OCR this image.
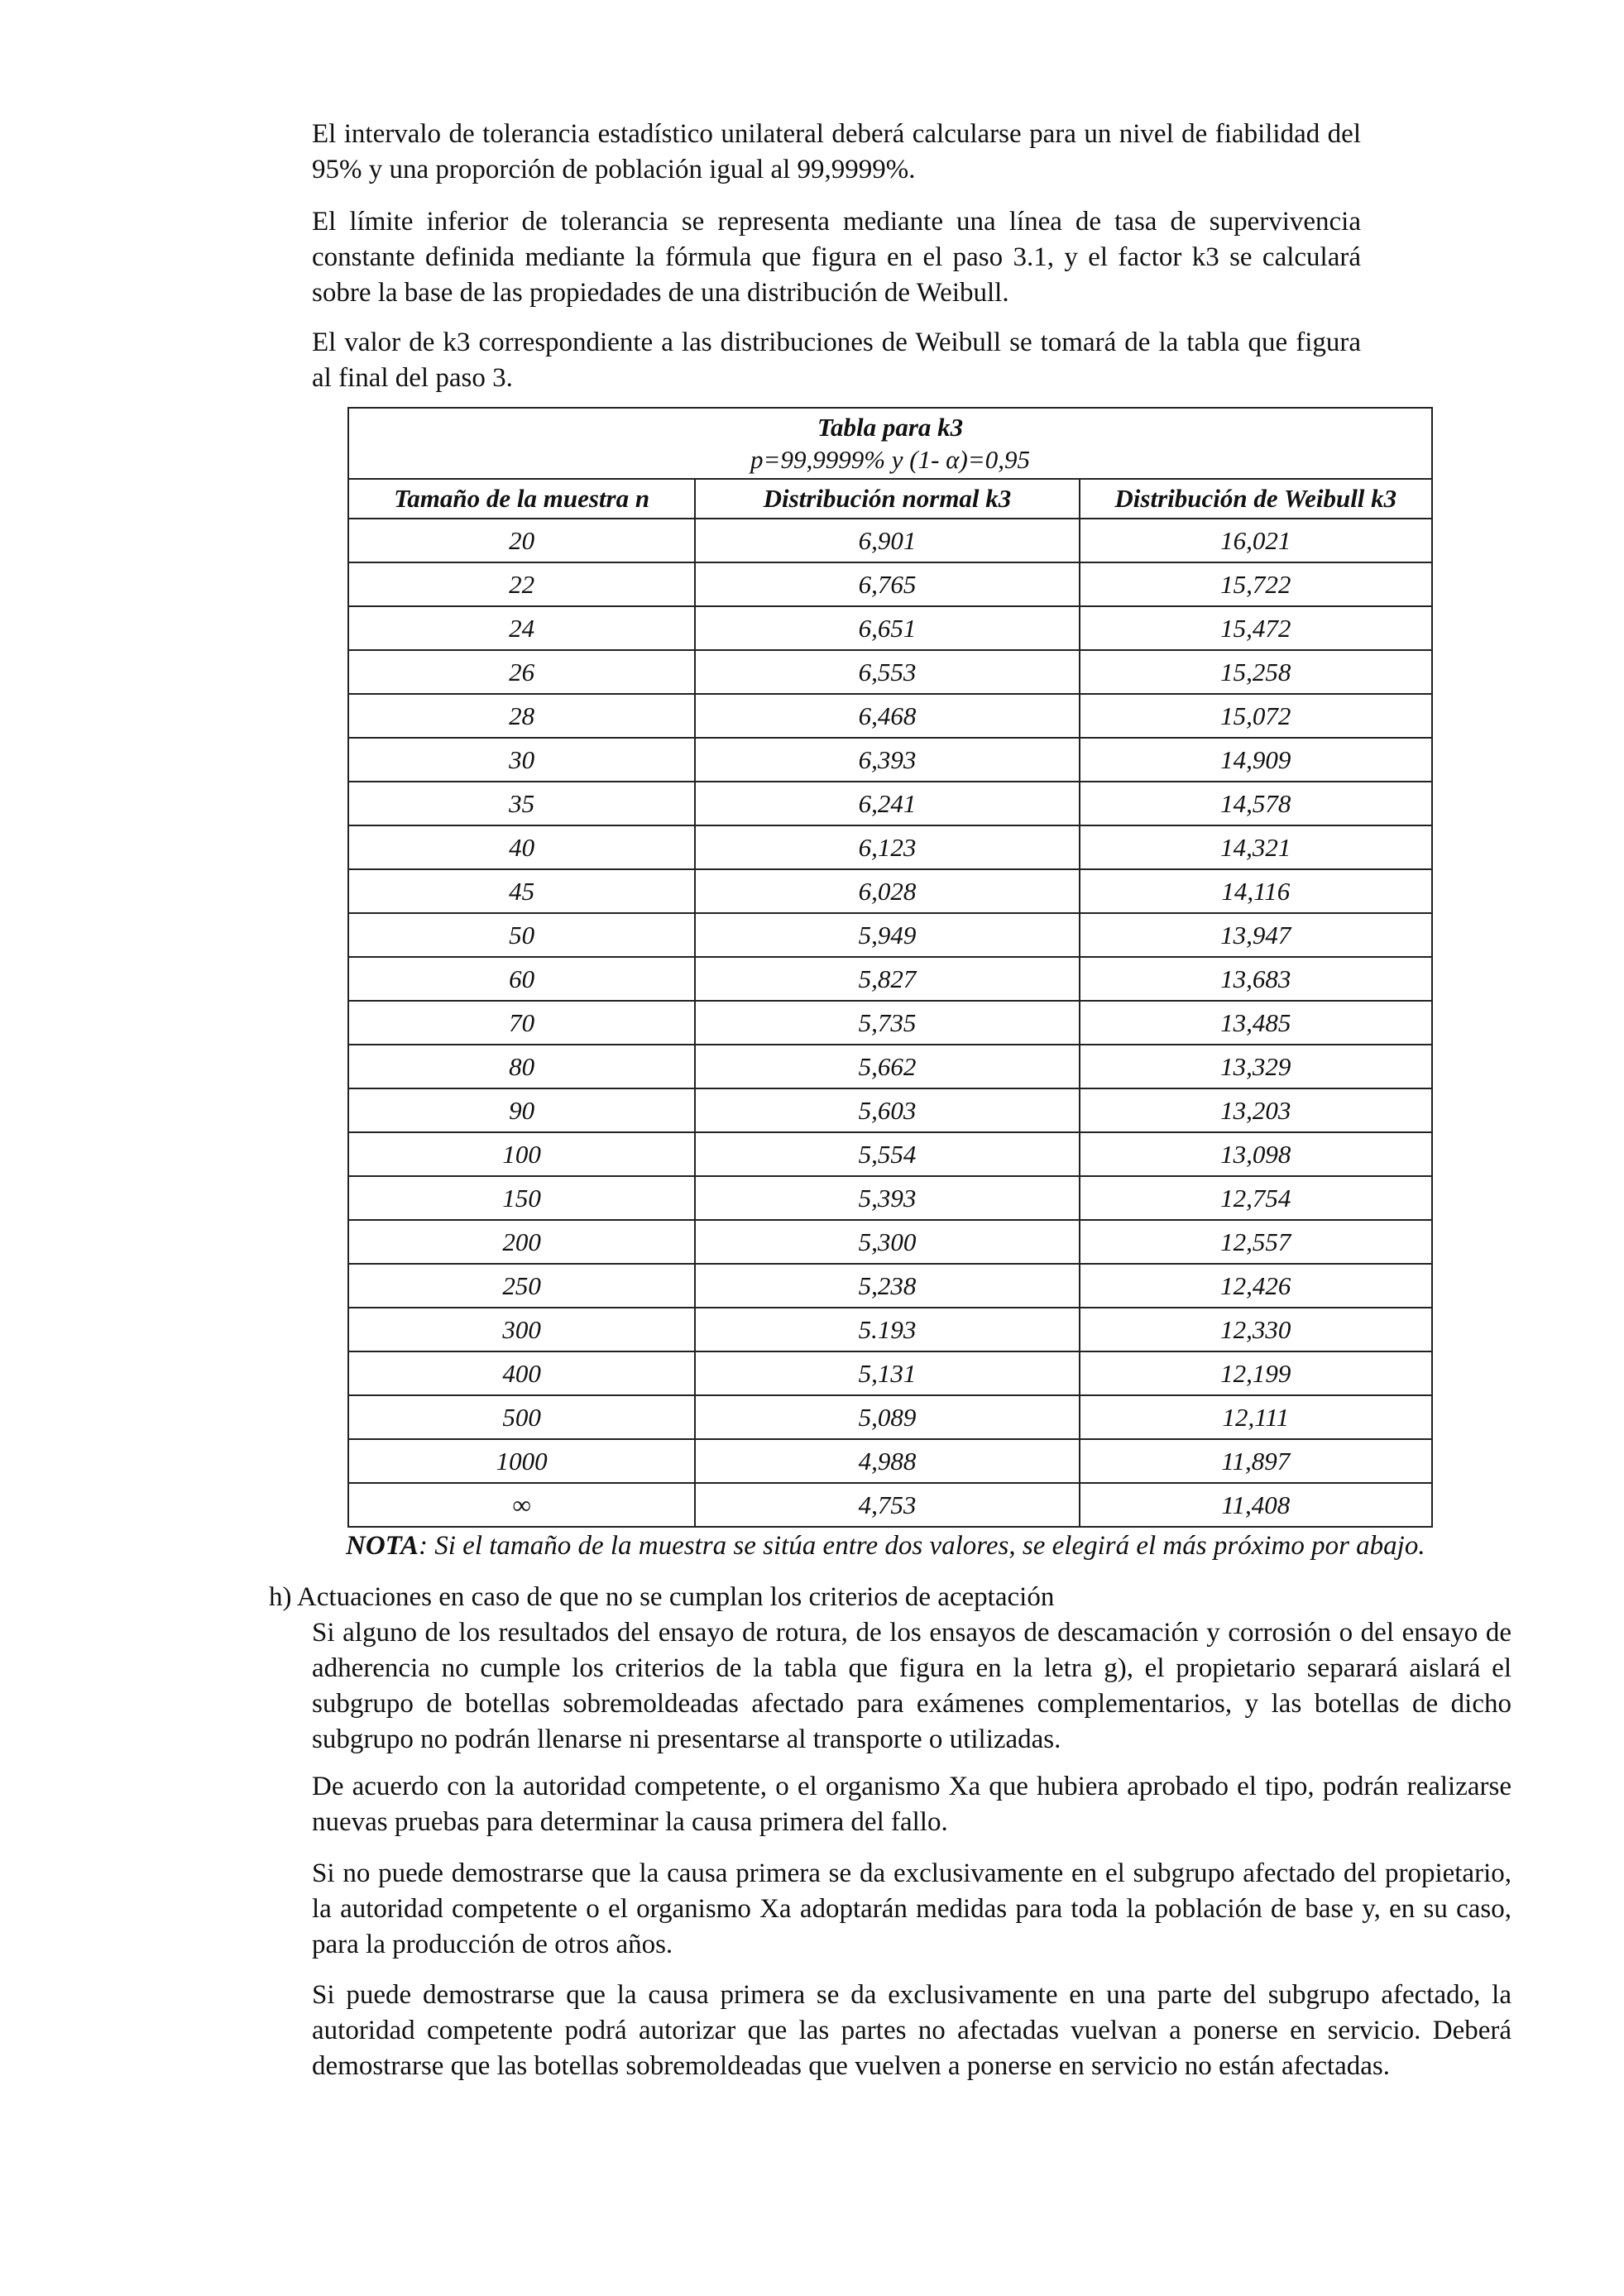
El intervalo de tolerancia estadístico unilateral deberá calcularse para un nivel de fiabilidad del 95% y una proporción de población igual al 99,9999%.

El límite inferior de tolerancia se representa mediante una línea de tasa de supervivencia constante definida mediante la fórmula que figura en el paso 3.1, y el factor k3 se calculará sobre la base de las propiedades de una distribución de Weibull.

El valor de k3 correspondiente a las distribuciones de Weibull se tomará de la tabla que figura al final del paso 3.

Tabla para k3
p=99,9999% y (1- α)=0,95		

Tamaño de la muestra n	Distribución normal k3	Distribución de Weibull k3
20	6,901	16,021
22	6,765	15,722
24	6,651	15,472
26	6,553	15,258
28	6,468	15,072
30	6,393	14,909
35	6,241	14,578
40	6,123	14,321
45	6,028	14,116
50	5,949	13,947
60	5,827	13,683
70	5,735	13,485
80	5,662	13,329
90	5,603	13,203
100	5,554	13,098
150	5,393	12,754
200	5,300	12,557
250	5,238	12,426
300	5.193	12,330
400	5,131	12,199
500	5,089	12,111
1000	4,988	11,897
∞	4,753	11,408

NOTA: Si el tamaño de la muestra se sitúa entre dos valores, se elegirá el más próximo por abajo.

h) Actuaciones en caso de que no se cumplan los criterios de aceptación

Si alguno de los resultados del ensayo de rotura, de los ensayos de descamación y corrosión o del ensayo de adherencia no cumple los criterios de la tabla que figura en la letra g), el propietario separará aislará el subgrupo de botellas sobremoldeadas afectado para exámenes complementarios, y las botellas de dicho subgrupo no podrán llenarse ni presentarse al transporte o utilizadas.

De acuerdo con la autoridad competente, o el organismo Xa que hubiera aprobado el tipo, podrán realizarse nuevas pruebas para determinar la causa primera del fallo.

Si no puede demostrarse que la causa primera se da exclusivamente en el subgrupo afectado del propietario, la autoridad competente o el organismo Xa adoptarán medidas para toda la población de base y, en su caso, para la producción de otros años.

Si puede demostrarse que la causa primera se da exclusivamente en una parte del subgrupo afectado, la autoridad competente podrá autorizar que las partes no afectadas vuelvan a ponerse en servicio. Deberá demostrarse que las botellas sobremoldeadas que vuelven a ponerse en servicio no están afectadas.
